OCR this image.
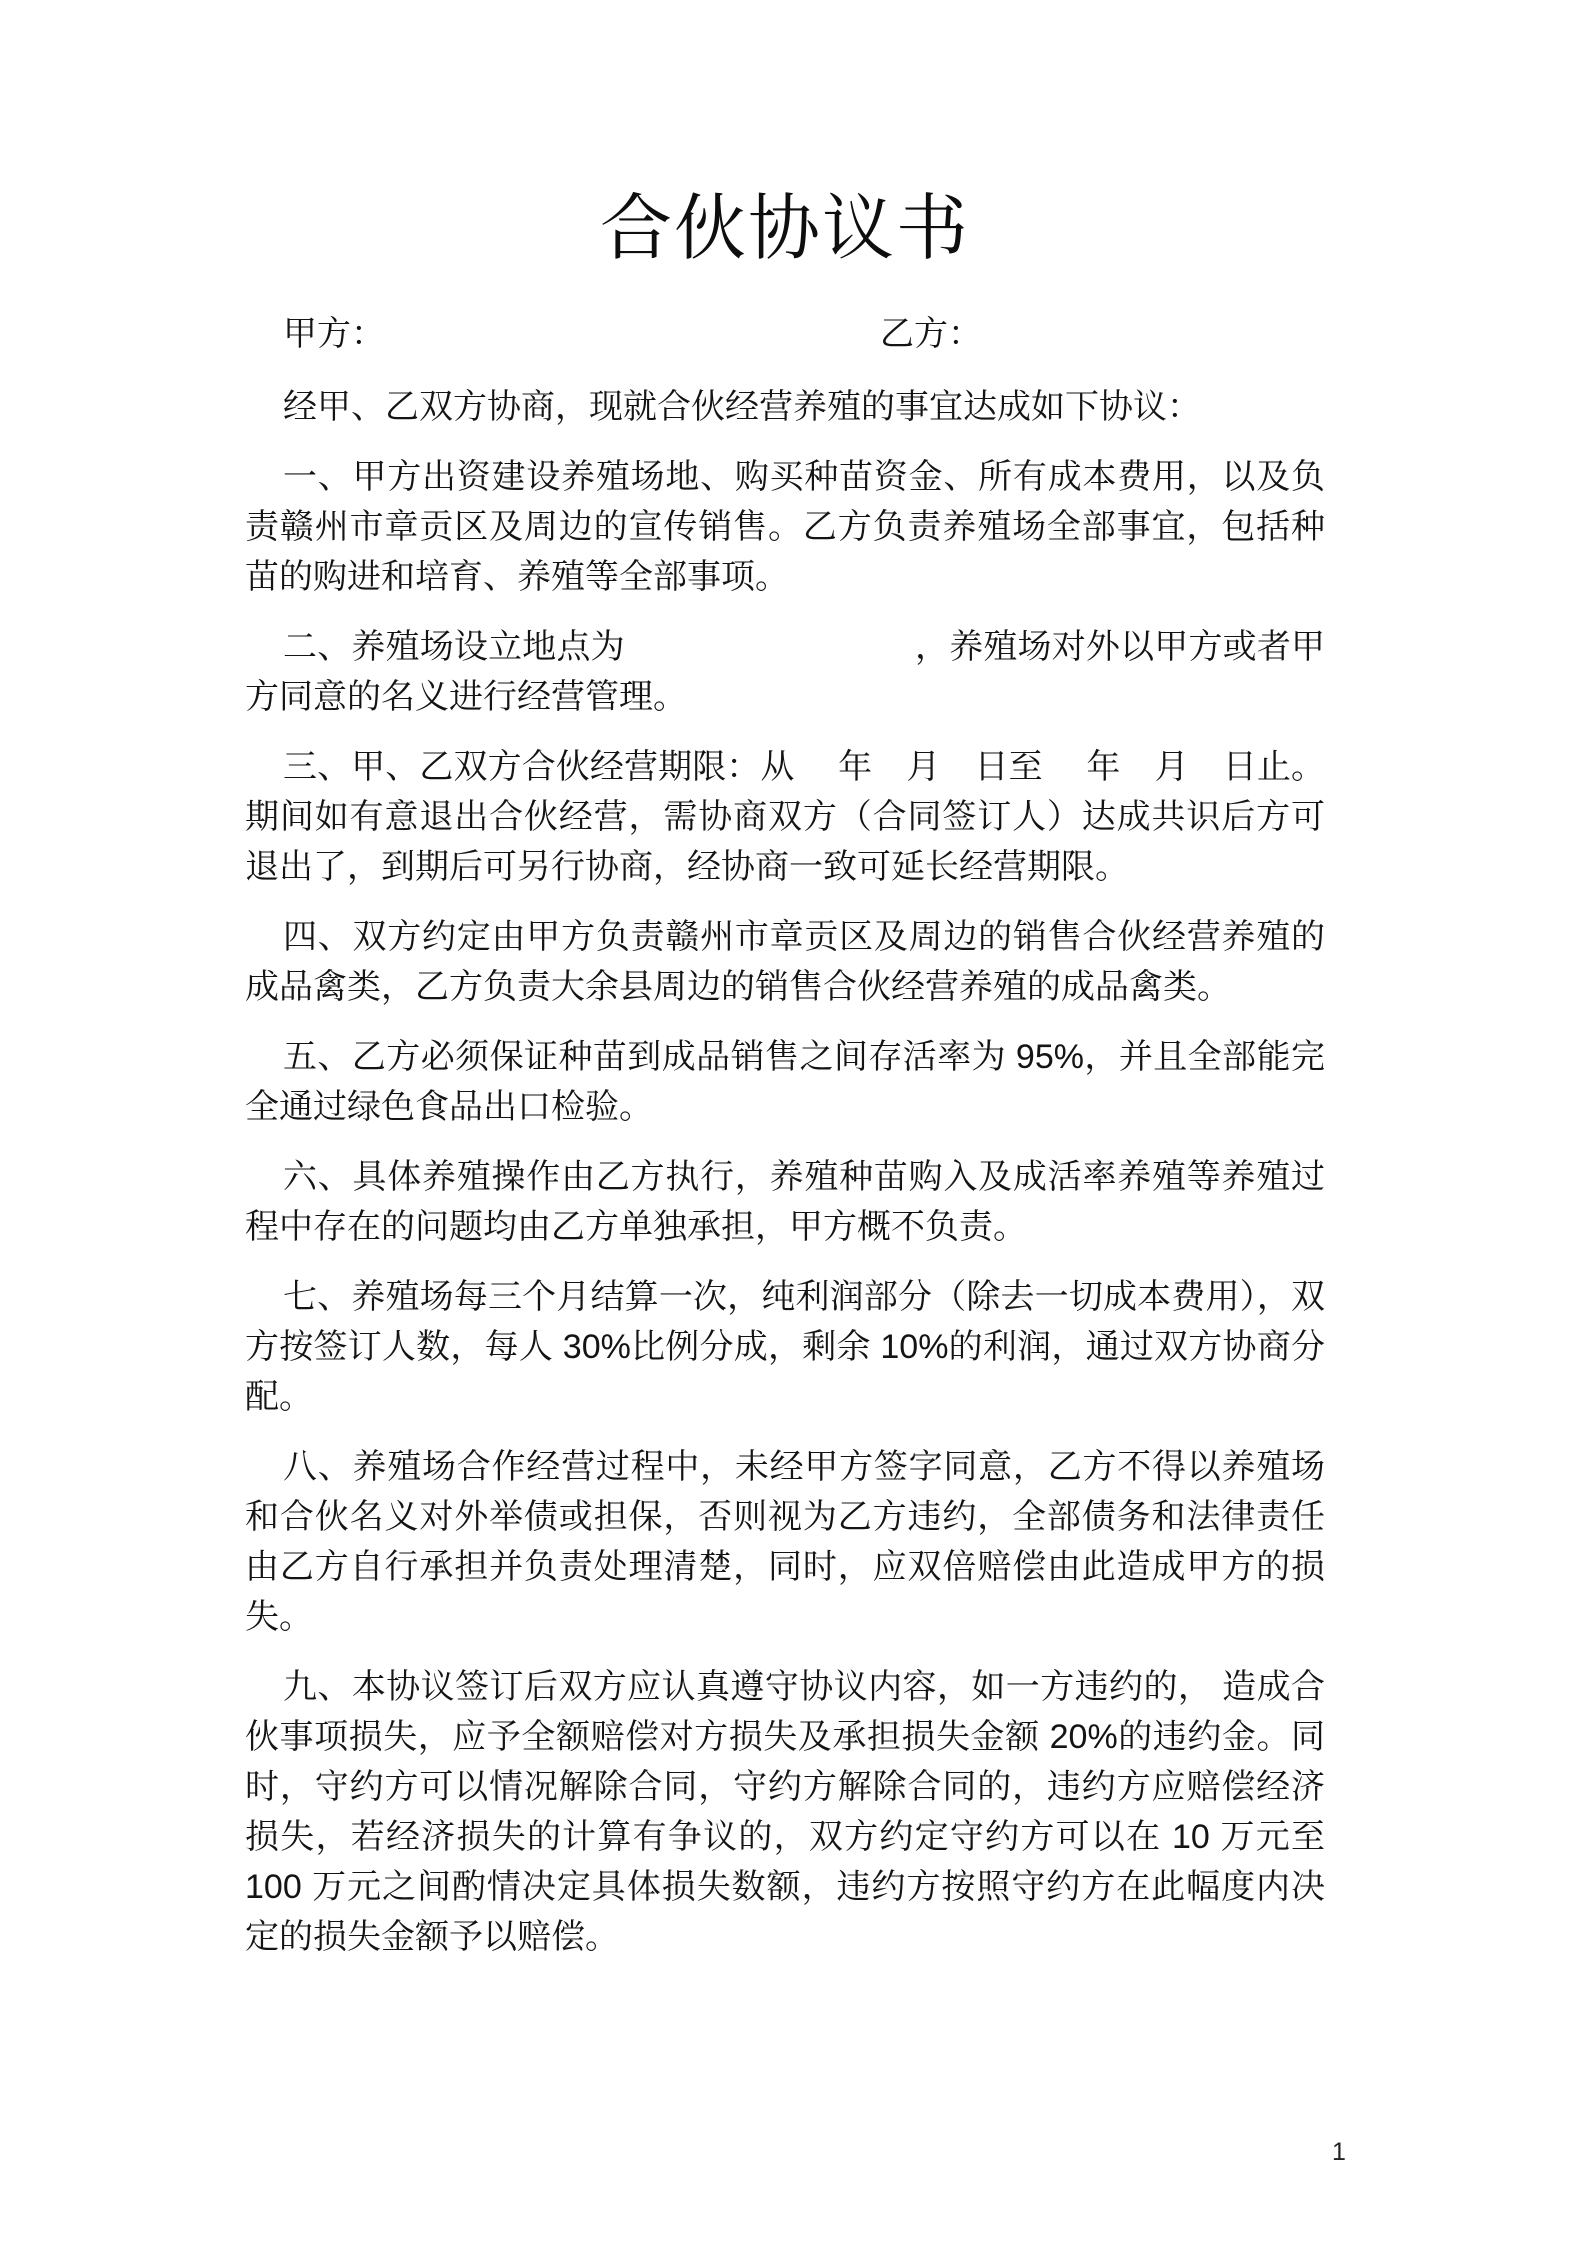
合伙协议书
甲方：	乙方：

经甲、乙双方协商，现就合伙经营养殖的事宜达成如下协议：

一、甲方出资建设养殖场地、购买种苗资金、所有成本费用，以及负责赣州市章贡区及周边的宣传销售。乙方负责养殖场全部事宜，包括种苗的购进和培育、养殖等全部事项。

二、养殖场设立地点为	，养殖场对外以甲方或者甲方同意的名义进行经营管理。

三、甲、乙双方合伙经营期限：从　 年　月　日至　 年　月　日止。期间如有意退出合伙经营，需协商双方（合同签订人）达成共识后方可退出了，到期后可另行协商，经协商一致可延长经营期限。

四、双方约定由甲方负责赣州市章贡区及周边的销售合伙经营养殖的成品禽类，乙方负责大余县周边的销售合伙经营养殖的成品禽类。

五、乙方必须保证种苗到成品销售之间存活率为 95%，并且全部能完全通过绿色食品出口检验。

六、具体养殖操作由乙方执行，养殖种苗购入及成活率养殖等养殖过程中存在的问题均由乙方单独承担，甲方概不负责。

七、养殖场每三个月结算一次，纯利润部分（除去一切成本费用），双方按签订人数，每人 30%比例分成，剩余 10%的利润，通过双方协商分配。

八、养殖场合作经营过程中，未经甲方签字同意，乙方不得以养殖场和合伙名义对外举债或担保，否则视为乙方违约，全部债务和法律责任由乙方自行承担并负责处理清楚，同时，应双倍赔偿由此造成甲方的损失。

九、本协议签订后双方应认真遵守协议内容，如一方违约的， 造成合伙事项损失，应予全额赔偿对方损失及承担损失金额 20%的违约金。同时，守约方可以情况解除合同，守约方解除合同的，违约方应赔偿经济损失，若经济损失的计算有争议的，双方约定守约方可以在 10 万元至 100 万元之间酌情决定具体损失数额，违约方按照守约方在此幅度内决定的损失金额予以赔偿。

1
